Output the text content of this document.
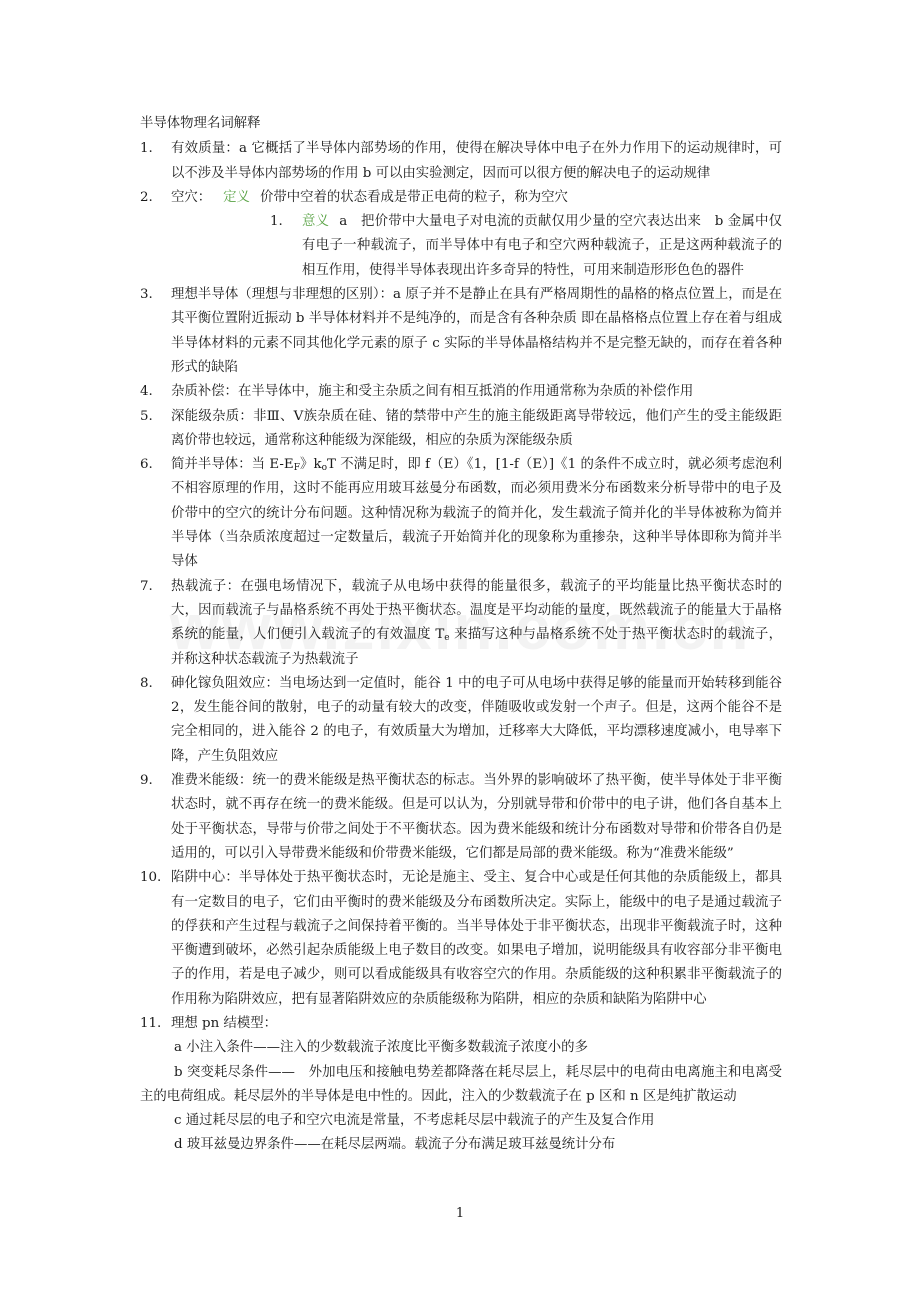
半导体物理名词解释
1. 有效质量：a 它概括了半导体内部势场的作用，使得在解决导体中电子在外力作用下的运动规律时，可以不涉及半导体内部势场的作用 b 可以由实验测定，因而可以很方便的解决电子的运动规律
2. 空穴： 定义 价带中空着的状态看成是带正电荷的粒子，称为空穴
1. 意义 a　把价带中大量电子对电流的贡献仅用少量的空穴表达出来　b 金属中仅有电子一种载流子，而半导体中有电子和空穴两种载流子，正是这两种载流子的相互作用，使得半导体表现出许多奇异的特性，可用来制造形形色色的器件
3. 理想半导体（理想与非理想的区别）：a 原子并不是静止在具有严格周期性的晶格的格点位置上，而是在其平衡位置附近振动 b 半导体材料并不是纯净的，而是含有各种杂质 即在晶格格点位置上存在着与组成半导体材料的元素不同其他化学元素的原子 c 实际的半导体晶格结构并不是完整无缺的，而存在着各种形式的缺陷
4. 杂质补偿：在半导体中，施主和受主杂质之间有相互抵消的作用通常称为杂质的补偿作用
5. 深能级杂质：非Ⅲ、Ⅴ族杂质在硅、锗的禁带中产生的施主能级距离导带较远，他们产生的受主能级距离价带也较远，通常称这种能级为深能级，相应的杂质为深能级杂质
6. 简并半导体：当 $E-E_F$》$k_oT$ 不满足时，即 f（E）《1，[1-f（E）]《1 的条件不成立时，就必须考虑泡利不相容原理的作用，这时不能再应用玻耳兹曼分布函数，而必须用费米分布函数来分析导带中的电子及价带中的空穴的统计分布问题。这种情况称为载流子的简并化，发生载流子简并化的半导体被称为简并半导体（当杂质浓度超过一定数量后，载流子开始简并化的现象称为重掺杂，这种半导体即称为简并半导体
7. 热载流子：在强电场情况下，载流子从电场中获得的能量很多，载流子的平均能量比热平衡状态时的大，因而载流子与晶格系统不再处于热平衡状态。温度是平均动能的量度，既然载流子的能量大于晶格系统的能量，人们便引入载流子的有效温度 $T_e$ 来描写这种与晶格系统不处于热平衡状态时的载流子，并称这种状态载流子为热载流子
8. 砷化镓负阻效应：当电场达到一定值时，能谷 1 中的电子可从电场中获得足够的能量而开始转移到能谷 2，发生能谷间的散射，电子的动量有较大的改变，伴随吸收或发射一个声子。但是，这两个能谷不是完全相同的，进入能谷 2 的电子，有效质量大为增加，迁移率大大降低，平均漂移速度减小，电导率下降，产生负阻效应
9. 准费米能级：统一的费米能级是热平衡状态的标志。当外界的影响破坏了热平衡，使半导体处于非平衡状态时，就不再存在统一的费米能级。但是可以认为，分别就导带和价带中的电子讲，他们各自基本上处于平衡状态，导带与价带之间处于不平衡状态。因为费米能级和统计分布函数对导带和价带各自仍是适用的，可以引入导带费米能级和价带费米能级，它们都是局部的费米能级。称为“准费米能级”
10. 陷阱中心：半导体处于热平衡状态时，无论是施主、受主、复合中心或是任何其他的杂质能级上，都具有一定数目的电子，它们由平衡时的费米能级及分布函数所决定。实际上，能级中的电子是通过载流子的俘获和产生过程与载流子之间保持着平衡的。当半导体处于非平衡状态，出现非平衡载流子时，这种平衡遭到破坏，必然引起杂质能级上电子数目的改变。如果电子增加，说明能级具有收容部分非平衡电子的作用，若是电子减少，则可以看成能级具有收容空穴的作用。杂质能级的这种积累非平衡载流子的作用称为陷阱效应，把有显著陷阱效应的杂质能级称为陷阱，相应的杂质和缺陷为陷阱中心
11. 理想 pn 结模型：
a 小注入条件——注入的少数载流子浓度比平衡多数载流子浓度小的多
b 突变耗尽条件——　外加电压和接触电势差都降落在耗尽层上，耗尽层中的电荷由电离施主和电离受主的电荷组成。耗尽层外的半导体是电中性的。因此，注入的少数载流子在 p 区和 n 区是纯扩散运动
c 通过耗尽层的电子和空穴电流是常量，不考虑耗尽层中载流子的产生及复合作用
d 玻耳兹曼边界条件——在耗尽层两端。载流子分布满足玻耳兹曼统计分布
1
